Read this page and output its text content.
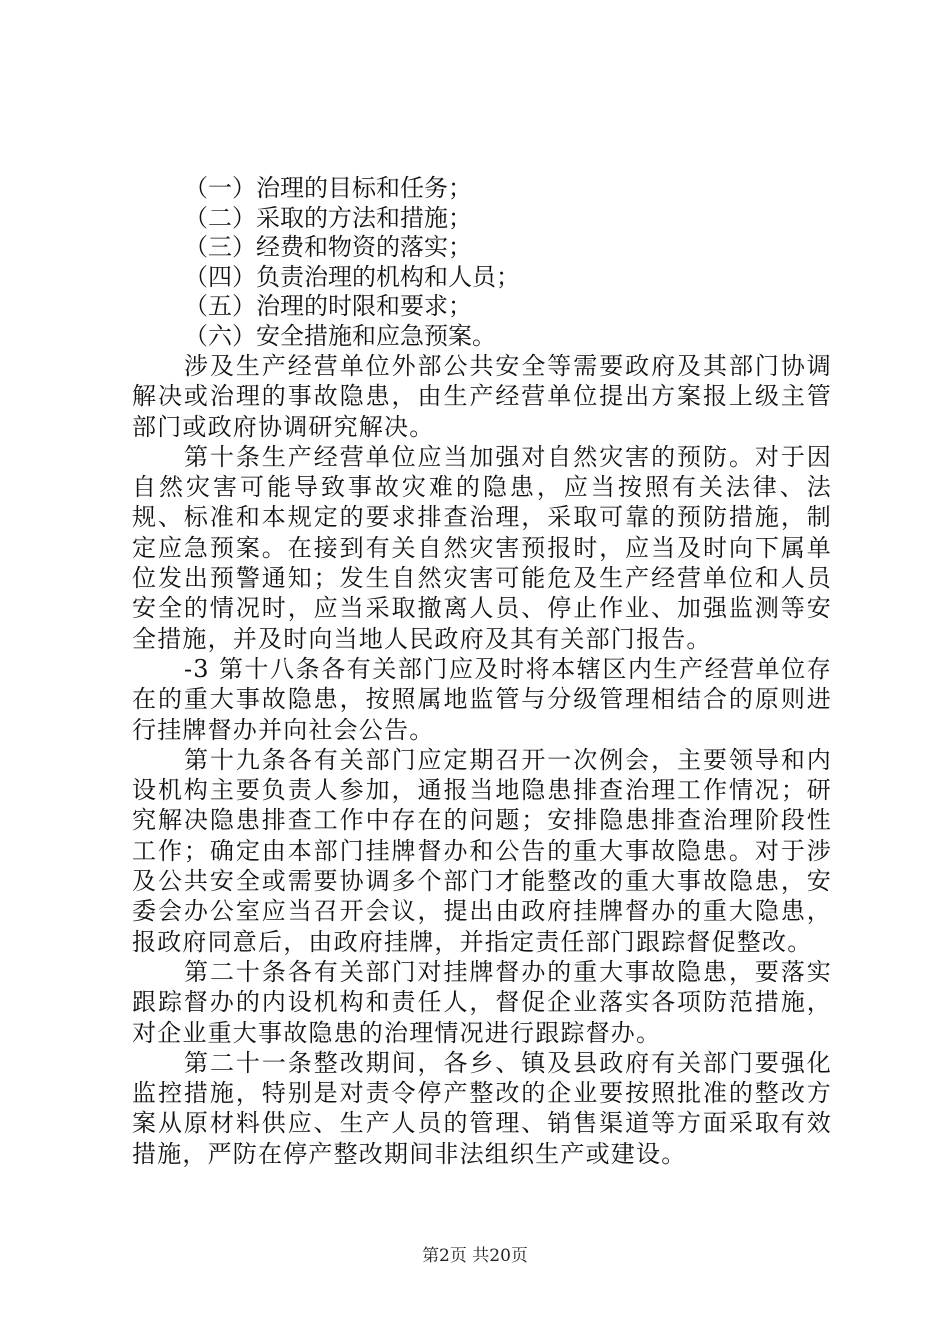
（一）治理的目标和任务；
（二）采取的方法和措施；
（三）经费和物资的落实；
（四）负责治理的机构和人员；
（五）治理的时限和要求；
（六）安全措施和应急预案。

涉及生产经营单位外部公共安全等需要政府及其部门协调解决或治理的事故隐患，由生产经营单位提出方案报上级主管部门或政府协调研究解决。

第十条生产经营单位应当加强对自然灾害的预防。对于因自然灾害可能导致事故灾难的隐患，应当按照有关法律、法规、标准和本规定的要求排查治理，采取可靠的预防措施，制定应急预案。在接到有关自然灾害预报时，应当及时向下属单位发出预警通知；发生自然灾害可能危及生产经营单位和人员安全的情况时，应当采取撤离人员、停止作业、加强监测等安全措施，并及时向当地人民政府及其有关部门报告。

-3 第十八条各有关部门应及时将本辖区内生产经营单位存在的重大事故隐患，按照属地监管与分级管理相结合的原则进行挂牌督办并向社会公告。

第十九条各有关部门应定期召开一次例会，主要领导和内设机构主要负责人参加，通报当地隐患排查治理工作情况；研究解决隐患排查工作中存在的问题；安排隐患排查治理阶段性工作；确定由本部门挂牌督办和公告的重大事故隐患。对于涉及公共安全或需要协调多个部门才能整改的重大事故隐患，安委会办公室应当召开会议，提出由政府挂牌督办的重大隐患，报政府同意后，由政府挂牌，并指定责任部门跟踪督促整改。

第二十条各有关部门对挂牌督办的重大事故隐患，要落实跟踪督办的内设机构和责任人，督促企业落实各项防范措施，对企业重大事故隐患的治理情况进行跟踪督办。

第二十一条整改期间，各乡、镇及县政府有关部门要强化监控措施，特别是对责令停产整改的企业要按照批准的整改方案从原材料供应、生产人员的管理、销售渠道等方面采取有效措施，严防在停产整改期间非法组织生产或建设。

第2页 共20页
